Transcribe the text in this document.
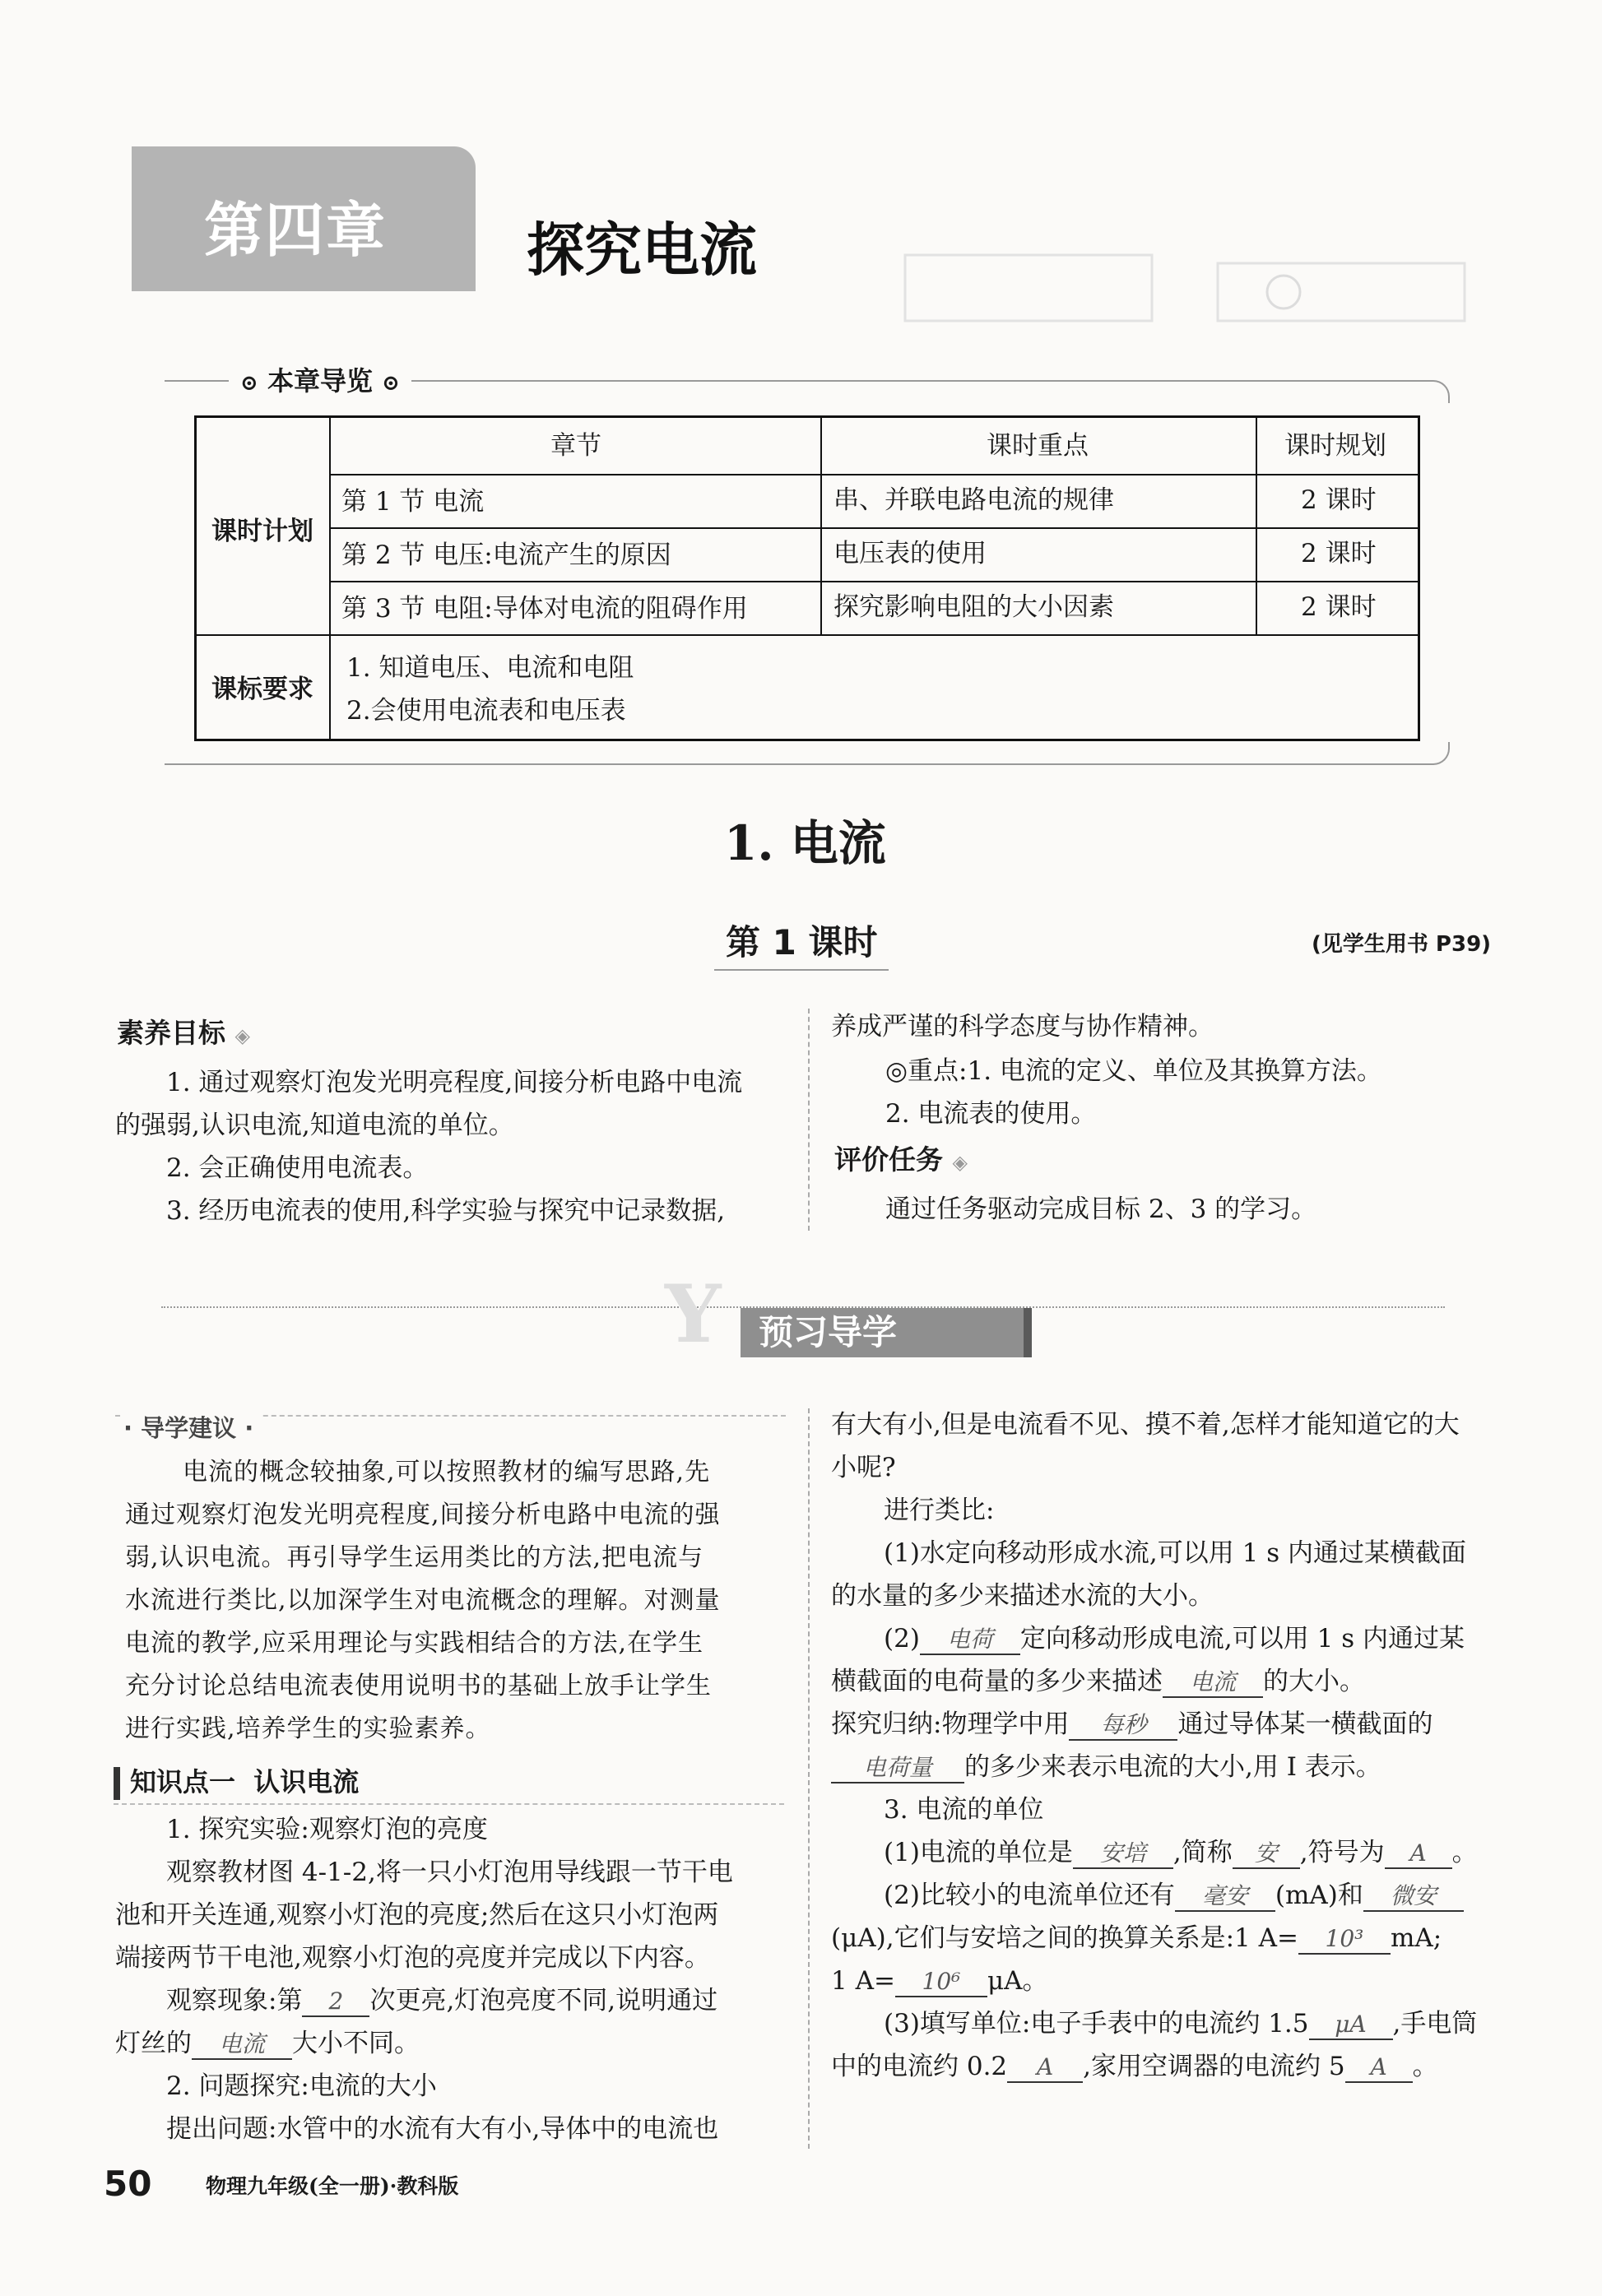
第四章 探究电流
⊙ 本章导览 ⊙
章节	课时重点	课时规划
课时计划
第 1 节 电流	串、并联电路电流的规律	2 课时
第 2 节 电压:电流产生的原因	电压表的使用	2 课时
第 3 节 电阻:导体对电流的阻碍作用	探究影响电阻的大小因素	2 课时
课标要求
1. 知道电压、电流和电阻
2.会使用电流表和电压表
1. 电流
第 1 课时	(见学生用书 P39)
素养目标 ◈
1. 通过观察灯泡发光明亮程度,间接分析电路中电流
的强弱,认识电流,知道电流的单位。
2. 会正确使用电流表。
3. 经历电流表的使用,科学实验与探究中记录数据,
养成严谨的科学态度与协作精神。
◎重点:1. 电流的定义、单位及其换算方法。
2. 电流表的使用。
评价任务 ◈
通过任务驱动完成目标 2、3 的学习。
Y 预习导学
· 导学建议 ·
电流的概念较抽象,可以按照教材的编写思路,先
通过观察灯泡发光明亮程度,间接分析电路中电流的强
弱,认识电流。再引导学生运用类比的方法,把电流与
水流进行类比,以加深学生对电流概念的理解。对测量
电流的教学,应采用理论与实践相结合的方法,在学生
充分讨论总结电流表使用说明书的基础上放手让学生
进行实践,培养学生的实验素养。
知识点一  认识电流
1. 探究实验:观察灯泡的亮度
观察教材图 4-1-2,将一只小灯泡用导线跟一节干电
池和开关连通,观察小灯泡的亮度;然后在这只小灯泡两
端接两节干电池,观察小灯泡的亮度并完成以下内容。
观察现象:第 2 次更亮,灯泡亮度不同,说明通过
灯丝的 电流 大小不同。
2. 问题探究:电流的大小
提出问题:水管中的水流有大有小,导体中的电流也
有大有小,但是电流看不见、摸不着,怎样才能知道它的大
小呢?
进行类比:
(1)水定向移动形成水流,可以用 1 s 内通过某横截面
的水量的多少来描述水流的大小。
(2) 电荷 定向移动形成电流,可以用 1 s 内通过某
横截面的电荷量的多少来描述 电流 的大小。
探究归纳:物理学中用 每秒 通过导体某一横截面的
电荷量 的多少来表示电流的大小,用 I 表示。
3. 电流的单位
(1)电流的单位是 安培 ,简称 安 ,符号为 A 。
(2)比较小的电流单位还有 毫安 (mA)和 微安
(μA),它们与安培之间的换算关系是:1 A= 10³ mA;
1 A= 10⁶ μA。
(3)填写单位:电子手表中的电流约 1.5 μA ,手电筒
中的电流约 0.2 A ,家用空调器的电流约 5 A 。
50	物理九年级(全一册)·教科版
